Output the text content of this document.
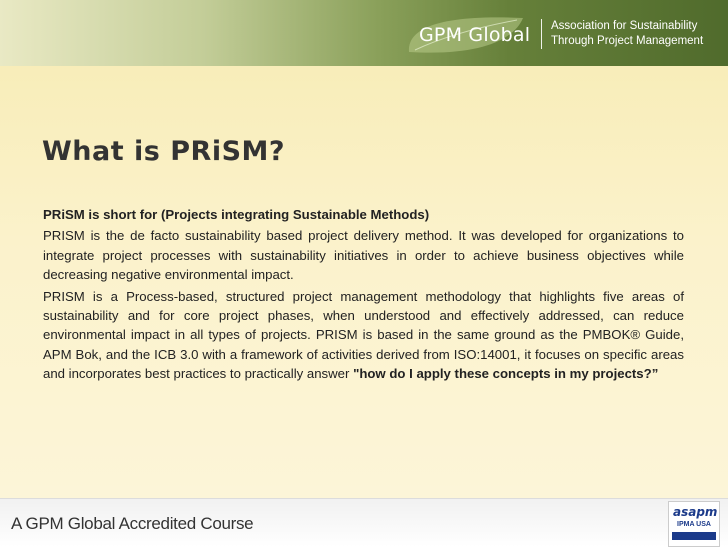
GPM Global Association for Sustainability
Through Project Management
What is PRiSM?

PRiSM is short for (Projects integrating Sustainable Methods)

PRISM is the de facto sustainability based project delivery method. It was developed for organizations to integrate project processes with sustainability initiatives in order to achieve business objectives while decreasing negative environmental impact.

PRISM is a Process-based, structured project management methodology that highlights five areas of sustainability and for core project phases, when understood and effectively addressed, can reduce environmental impact in all types of projects. PRISM is based in the same ground as the PMBOK® Guide, APM Bok, and the ICB 3.0 with a framework of activities derived from ISO:14001, it focuses on specific areas and incorporates best practices to practically answer "how do I apply these concepts in my projects?”

A GPM Global Accredited Course
asapm
IPMA USA
